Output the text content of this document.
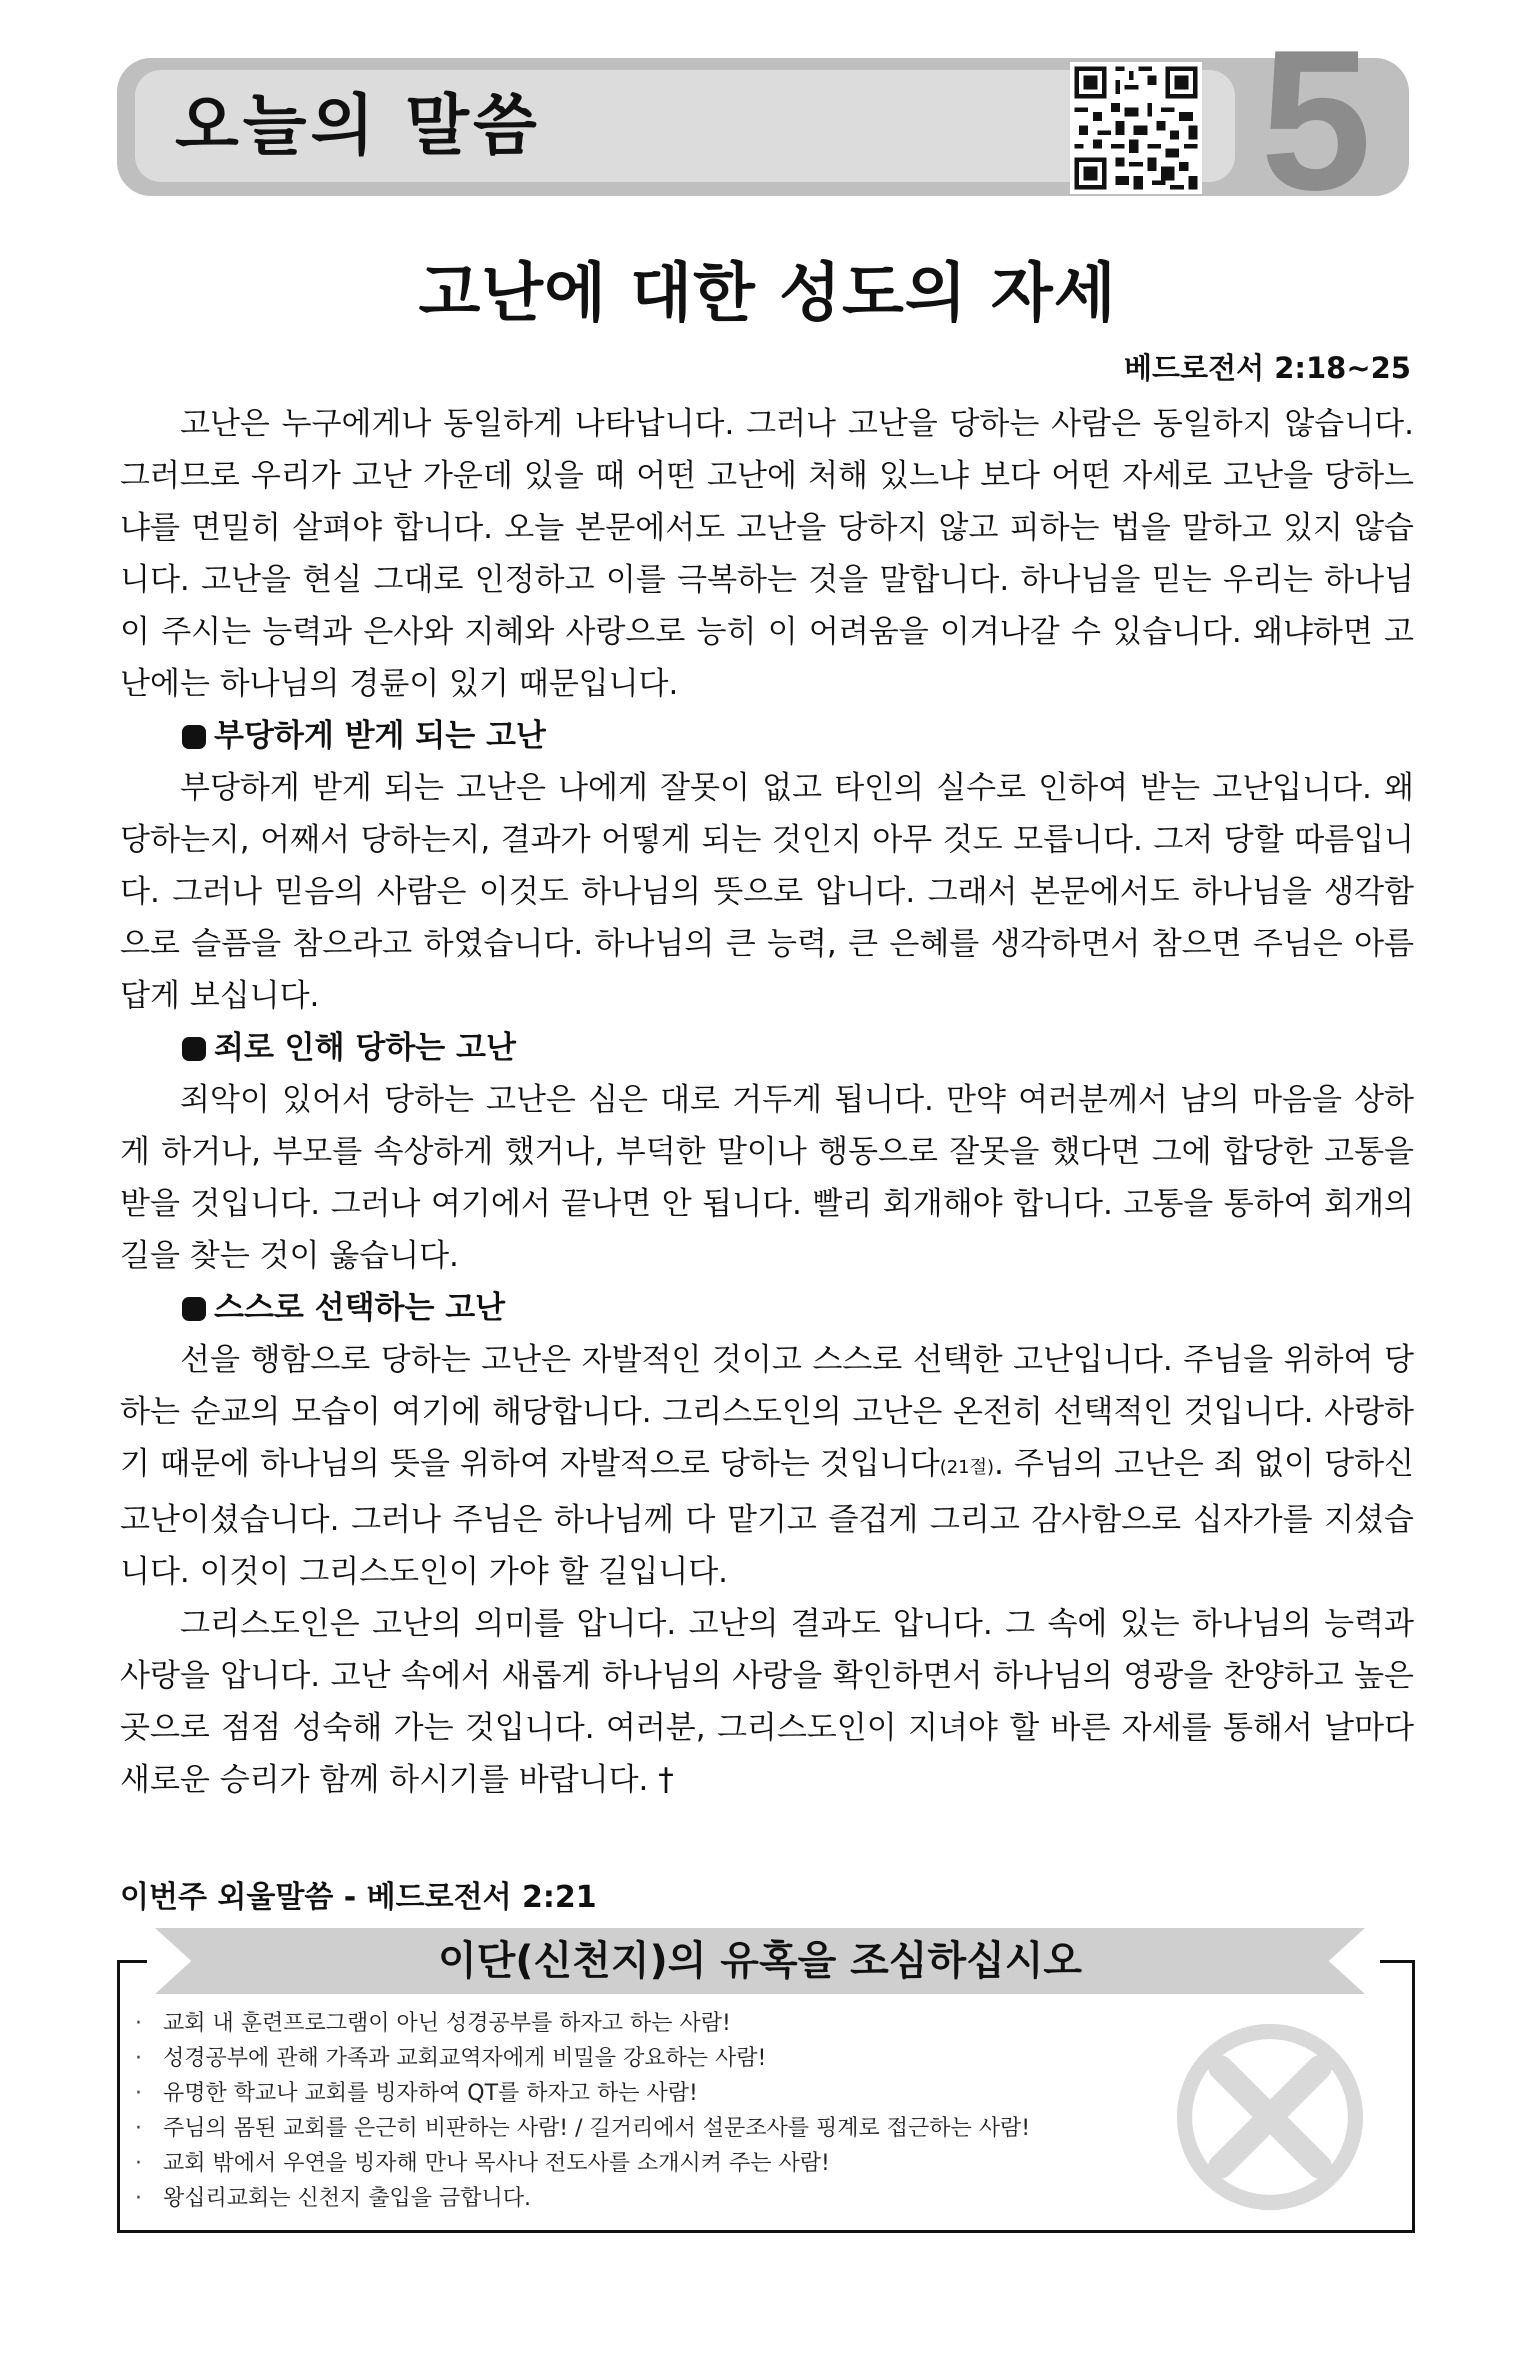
오늘의 말씀	5
고난에 대한 성도의 자세
베드로전서 2:18~25

고난은 누구에게나 동일하게 나타납니다. 그러나 고난을 당하는 사람은 동일하지 않습니다. 그러므로 우리가 고난 가운데 있을 때 어떤 고난에 처해 있느냐 보다 어떤 자세로 고난을 당하느냐를 면밀히 살펴야 합니다. 오늘 본문에서도 고난을 당하지 않고 피하는 법을 말하고 있지 않습니다. 고난을 현실 그대로 인정하고 이를 극복하는 것을 말합니다. 하나님을 믿는 우리는 하나님이 주시는 능력과 은사와 지혜와 사랑으로 능히 이 어려움을 이겨나갈 수 있습니다. 왜냐하면 고난에는 하나님의 경륜이 있기 때문입니다.

부당하게 받게 되는 고난

부당하게 받게 되는 고난은 나에게 잘못이 없고 타인의 실수로 인하여 받는 고난입니다. 왜 당하는지, 어째서 당하는지, 결과가 어떻게 되는 것인지 아무 것도 모릅니다. 그저 당할 따름입니다. 그러나 믿음의 사람은 이것도 하나님의 뜻으로 압니다. 그래서 본문에서도 하나님을 생각함으로 슬픔을 참으라고 하였습니다. 하나님의 큰 능력, 큰 은혜를 생각하면서 참으면 주님은 아름답게 보십니다.

죄로 인해 당하는 고난

죄악이 있어서 당하는 고난은 심은 대로 거두게 됩니다. 만약 여러분께서 남의 마음을 상하게 하거나, 부모를 속상하게 했거나, 부덕한 말이나 행동으로 잘못을 했다면 그에 합당한 고통을 받을 것입니다. 그러나 여기에서 끝나면 안 됩니다. 빨리 회개해야 합니다. 고통을 통하여 회개의 길을 찾는 것이 옳습니다.

스스로 선택하는 고난

선을 행함으로 당하는 고난은 자발적인 것이고 스스로 선택한 고난입니다. 주님을 위하여 당하는 순교의 모습이 여기에 해당합니다. 그리스도인의 고난은 온전히 선택적인 것입니다. 사랑하기 때문에 하나님의 뜻을 위하여 자발적으로 당하는 것입니다(21절). 주님의 고난은 죄 없이 당하신 고난이셨습니다. 그러나 주님은 하나님께 다 맡기고 즐겁게 그리고 감사함으로 십자가를 지셨습니다. 이것이 그리스도인이 가야 할 길입니다.

그리스도인은 고난의 의미를 압니다. 고난의 결과도 압니다. 그 속에 있는 하나님의 능력과 사랑을 압니다. 고난 속에서 새롭게 하나님의 사랑을 확인하면서 하나님의 영광을 찬양하고 높은 곳으로 점점 성숙해 가는 것입니다. 여러분, 그리스도인이 지녀야 할 바른 자세를 통해서 날마다 새로운 승리가 함께 하시기를 바랍니다. †

이번주 외울말씀 - 베드로전서 2:21
이단(신천지)의 유혹을 조심하십시오
· 교회 내 훈련프로그램이 아닌 성경공부를 하자고 하는 사람!
· 성경공부에 관해 가족과 교회교역자에게 비밀을 강요하는 사람!
· 유명한 학교나 교회를 빙자하여 QT를 하자고 하는 사람!
· 주님의 몸된 교회를 은근히 비판하는 사람! / 길거리에서 설문조사를 핑계로 접근하는 사람!
· 교회 밖에서 우연을 빙자해 만나 목사나 전도사를 소개시켜 주는 사람!
· 왕십리교회는 신천지 출입을 금합니다.
